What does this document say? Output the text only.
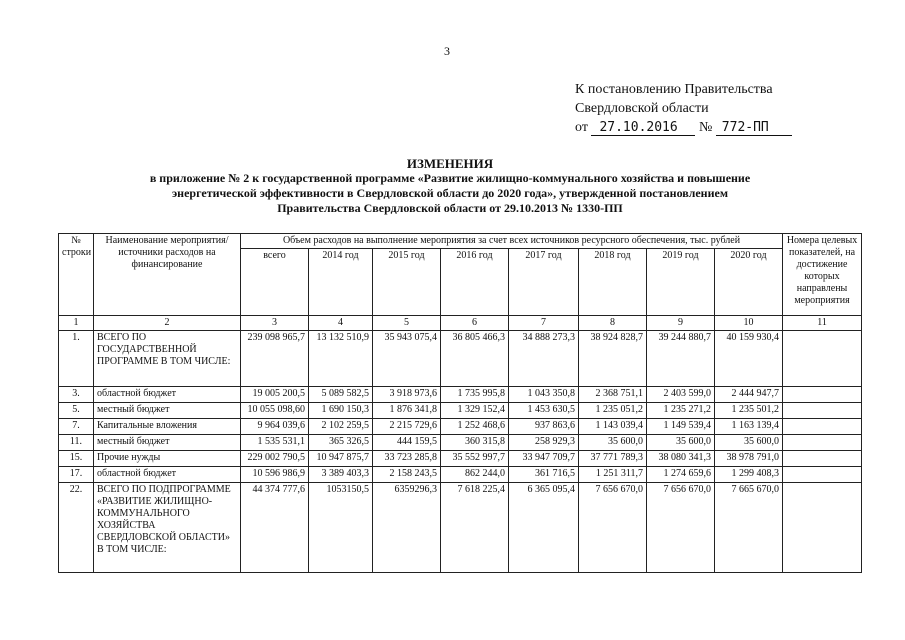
3
К постановлению Правительства
Свердловской области
от 27.10.2016 № 772-ПП
ИЗМЕНЕНИЯ
в приложение № 2 к государственной программе «Развитие жилищно-коммунального хозяйства и повышение
энергетической эффективности в Свердловской области до 2020 года», утвержденной постановлением
Правительства Свердловской области от 29.10.2013 № 1330-ПП
№ строки	Наименование мероприятия/источники расходов на финансирование	Объем расходов на выполнение мероприятия за счет всех источников ресурсного обеспечения, тыс. рублей								Номера целевых показателей, на достижение которых направлены мероприятия
		всего	2014 год	2015 год	2016 год	2017 год	2018 год	2019 год	2020 год	
1	2	3	4	5	6	7	8	9	10	11
1.	ВСЕГО ПО ГОСУДАРСТВЕННОЙ ПРОГРАММЕ В ТОМ ЧИСЛЕ:	239 098 965,7	13 132 510,9	35 943 075,4	36 805 466,3	34 888 273,3	38 924 828,7	39 244 880,7	40 159 930,4	
3.	областной бюджет	19 005 200,5	5 089 582,5	3 918 973,6	1 735 995,8	1 043 350,8	2 368 751,1	2 403 599,0	2 444 947,7	
5.	местный бюджет	10 055 098,60	1 690 150,3	1 876 341,8	1 329 152,4	1 453 630,5	1 235 051,2	1 235 271,2	1 235 501,2	
7.	Капитальные вложения	9 964 039,6	2 102 259,5	2 215 729,6	1 252 468,6	937 863,6	1 143 039,4	1 149 539,4	1 163 139,4	
11.	местный бюджет	1 535 531,1	365 326,5	444 159,5	360 315,8	258 929,3	35 600,0	35 600,0	35 600,0	
15.	Прочие нужды	229 002 790,5	10 947 875,7	33 723 285,8	35 552 997,7	33 947 709,7	37 771 789,3	38 080 341,3	38 978 791,0	
17.	областной бюджет	10 596 986,9	3 389 403,3	2 158 243,5	862 244,0	361 716,5	1 251 311,7	1 274 659,6	1 299 408,3	
22.	ВСЕГО ПО ПОДПРОГРАММЕ «РАЗВИТИЕ ЖИЛИЩНО-КОММУНАЛЬНОГО ХОЗЯЙСТВА СВЕРДЛОВСКОЙ ОБЛАСТИ» В ТОМ ЧИСЛЕ:	44 374 777,6	1053150,5	6359296,3	7 618 225,4	6 365 095,4	7 656 670,0	7 656 670,0	7 665 670,0	
